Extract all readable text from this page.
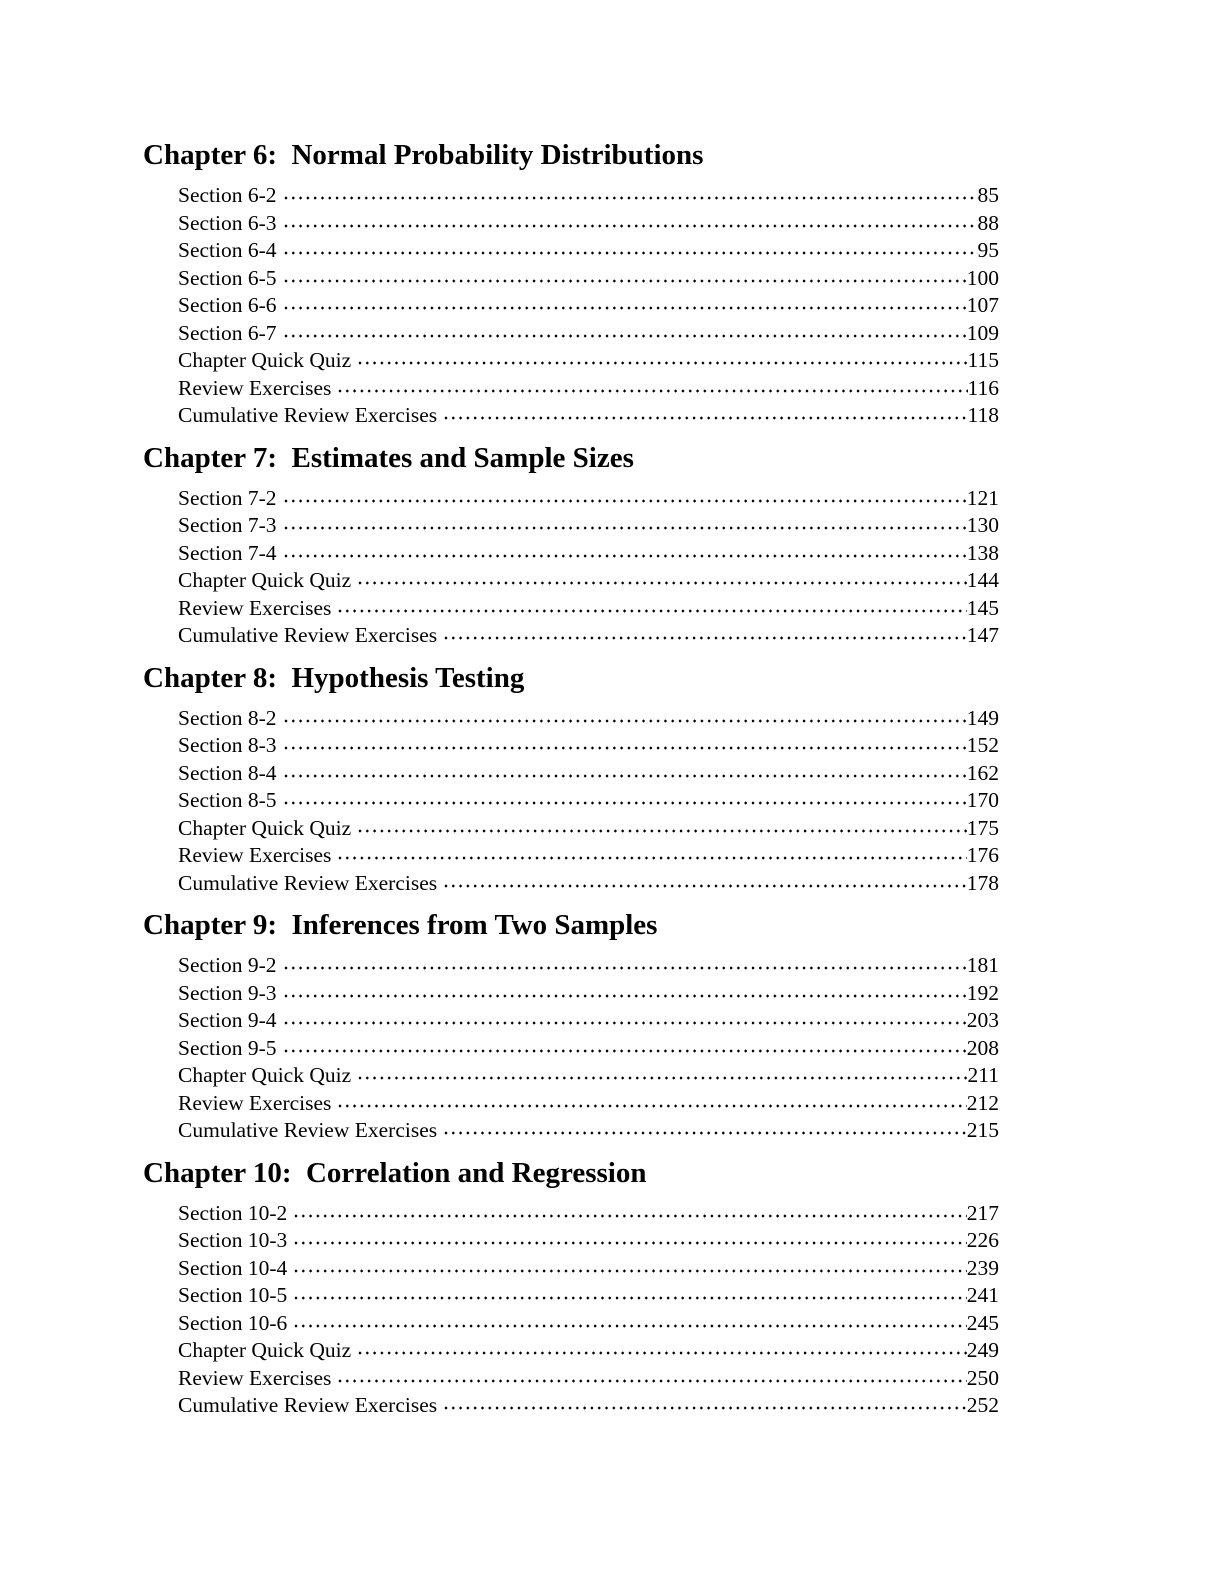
Chapter 6:  Normal Probability Distributions
Section 6-2	85
Section 6-3	88
Section 6-4	95
Section 6-5	100
Section 6-6	107
Section 6-7	109
Chapter Quick Quiz	115
Review Exercises	116
Cumulative Review Exercises	118
Chapter 7:  Estimates and Sample Sizes
Section 7-2	121
Section 7-3	130
Section 7-4	138
Chapter Quick Quiz	144
Review Exercises	145
Cumulative Review Exercises	147
Chapter 8:  Hypothesis Testing
Section 8-2	149
Section 8-3	152
Section 8-4	162
Section 8-5	170
Chapter Quick Quiz	175
Review Exercises	176
Cumulative Review Exercises	178
Chapter 9:  Inferences from Two Samples
Section 9-2	181
Section 9-3	192
Section 9-4	203
Section 9-5	208
Chapter Quick Quiz	211
Review Exercises	212
Cumulative Review Exercises	215
Chapter 10:  Correlation and Regression
Section 10-2	217
Section 10-3	226
Section 10-4	239
Section 10-5	241
Section 10-6	245
Chapter Quick Quiz	249
Review Exercises	250
Cumulative Review Exercises	252
